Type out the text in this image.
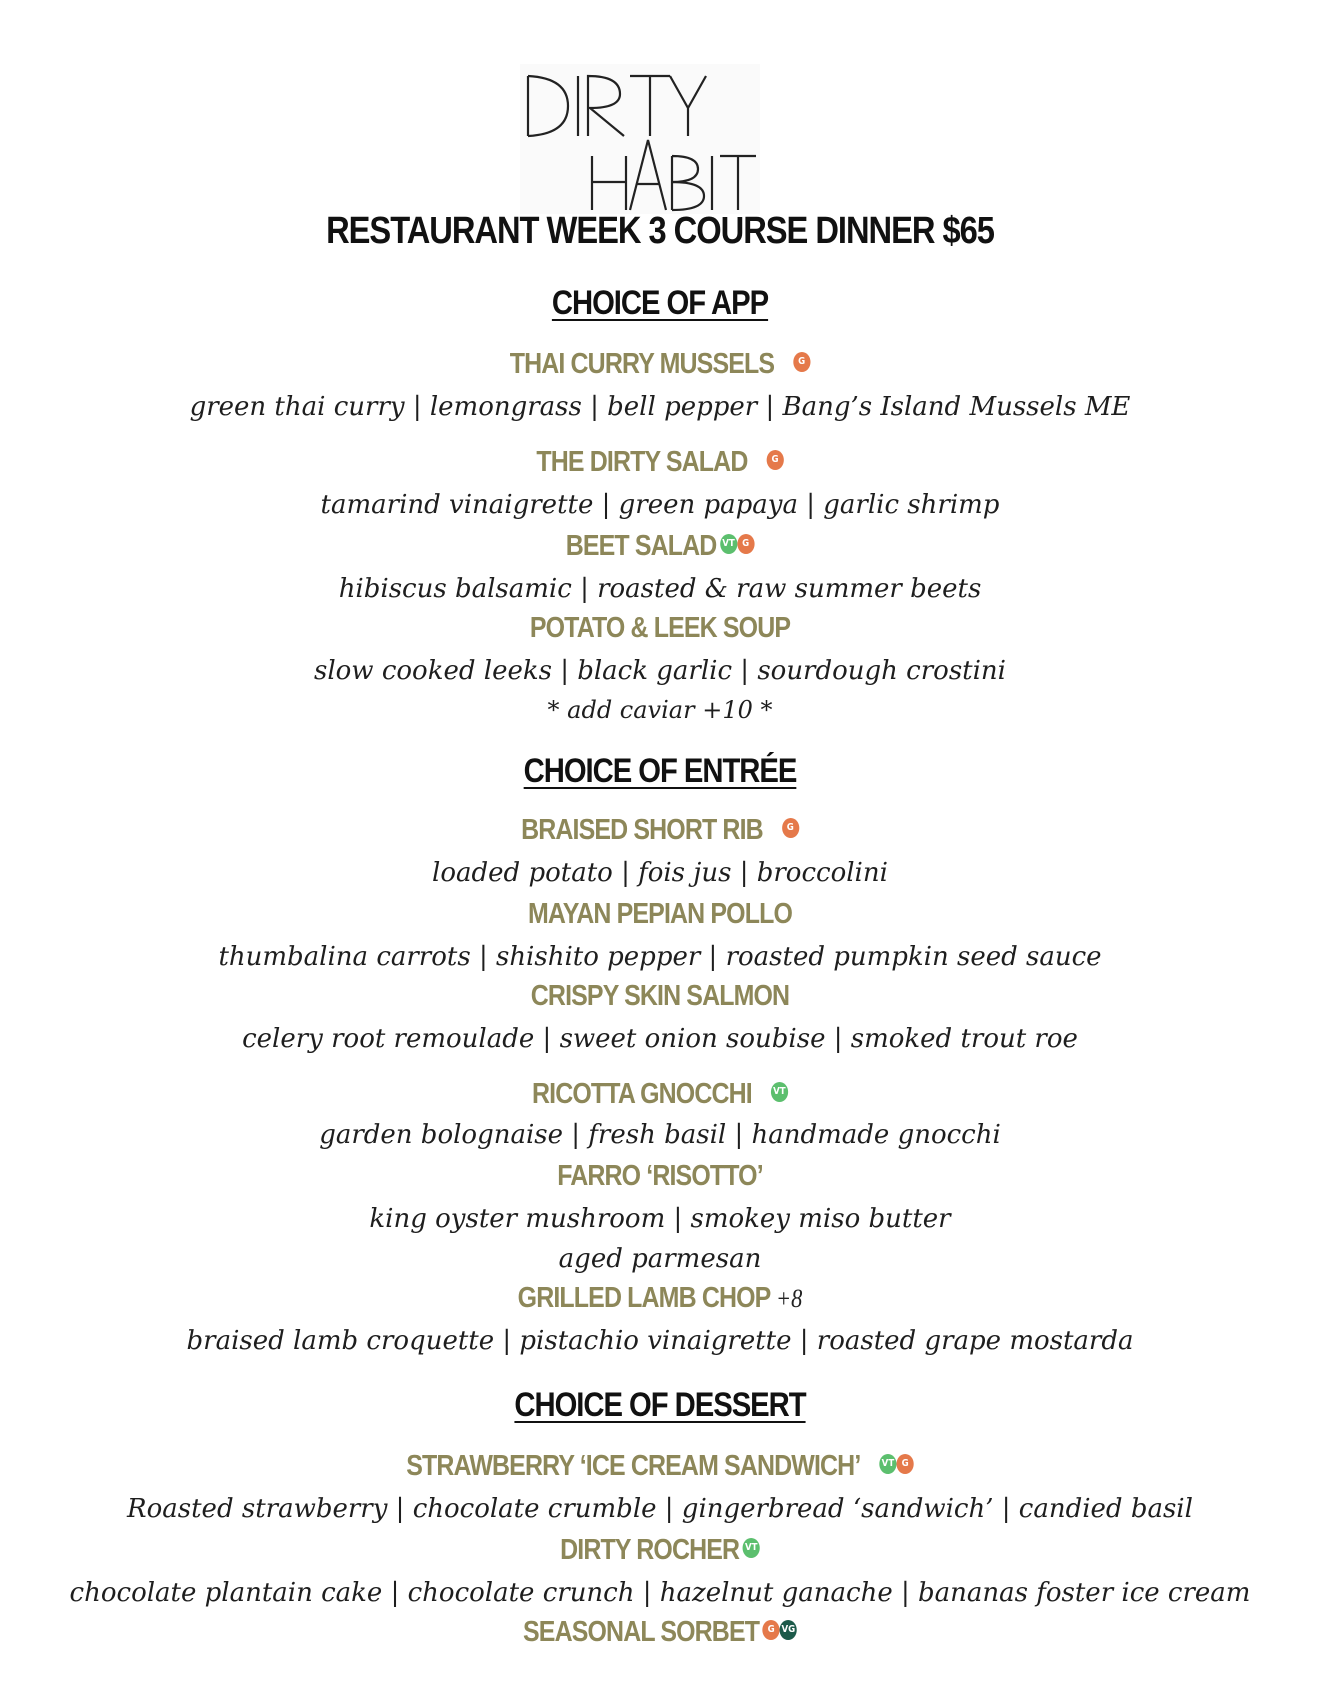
RESTAURANT WEEK 3 COURSE DINNER $65
CHOICE OF APP
THAI CURRY MUSSELS G
green thai curry | lemongrass | bell pepper | Bang’s Island Mussels ME
THE DIRTY SALAD G
tamarind vinaigrette | green papaya | garlic shrimp
BEET SALAD VT G
hibiscus balsamic | roasted & raw summer beets
POTATO & LEEK SOUP
slow cooked leeks | black garlic | sourdough crostini
* add caviar +10 *
CHOICE OF ENTRÉE
BRAISED SHORT RIB G
loaded potato | fois jus | broccolini
MAYAN PEPIAN POLLO
thumbalina carrots | shishito pepper | roasted pumpkin seed sauce
CRISPY SKIN SALMON
celery root remoulade | sweet onion soubise | smoked trout roe
RICOTTA GNOCCHI VT
garden bolognaise | fresh basil | handmade gnocchi
FARRO ‘RISOTTO’
king oyster mushroom | smokey miso butter
aged parmesan
GRILLED LAMB CHOP +8
braised lamb croquette | pistachio vinaigrette | roasted grape mostarda
CHOICE OF DESSERT
STRAWBERRY ‘ICE CREAM SANDWICH’ VT G
Roasted strawberry | chocolate crumble | gingerbread ‘sandwich’ | candied basil
DIRTY ROCHER VT
chocolate plantain cake | chocolate crunch | hazelnut ganache | bananas foster ice cream
SEASONAL SORBET G VG
